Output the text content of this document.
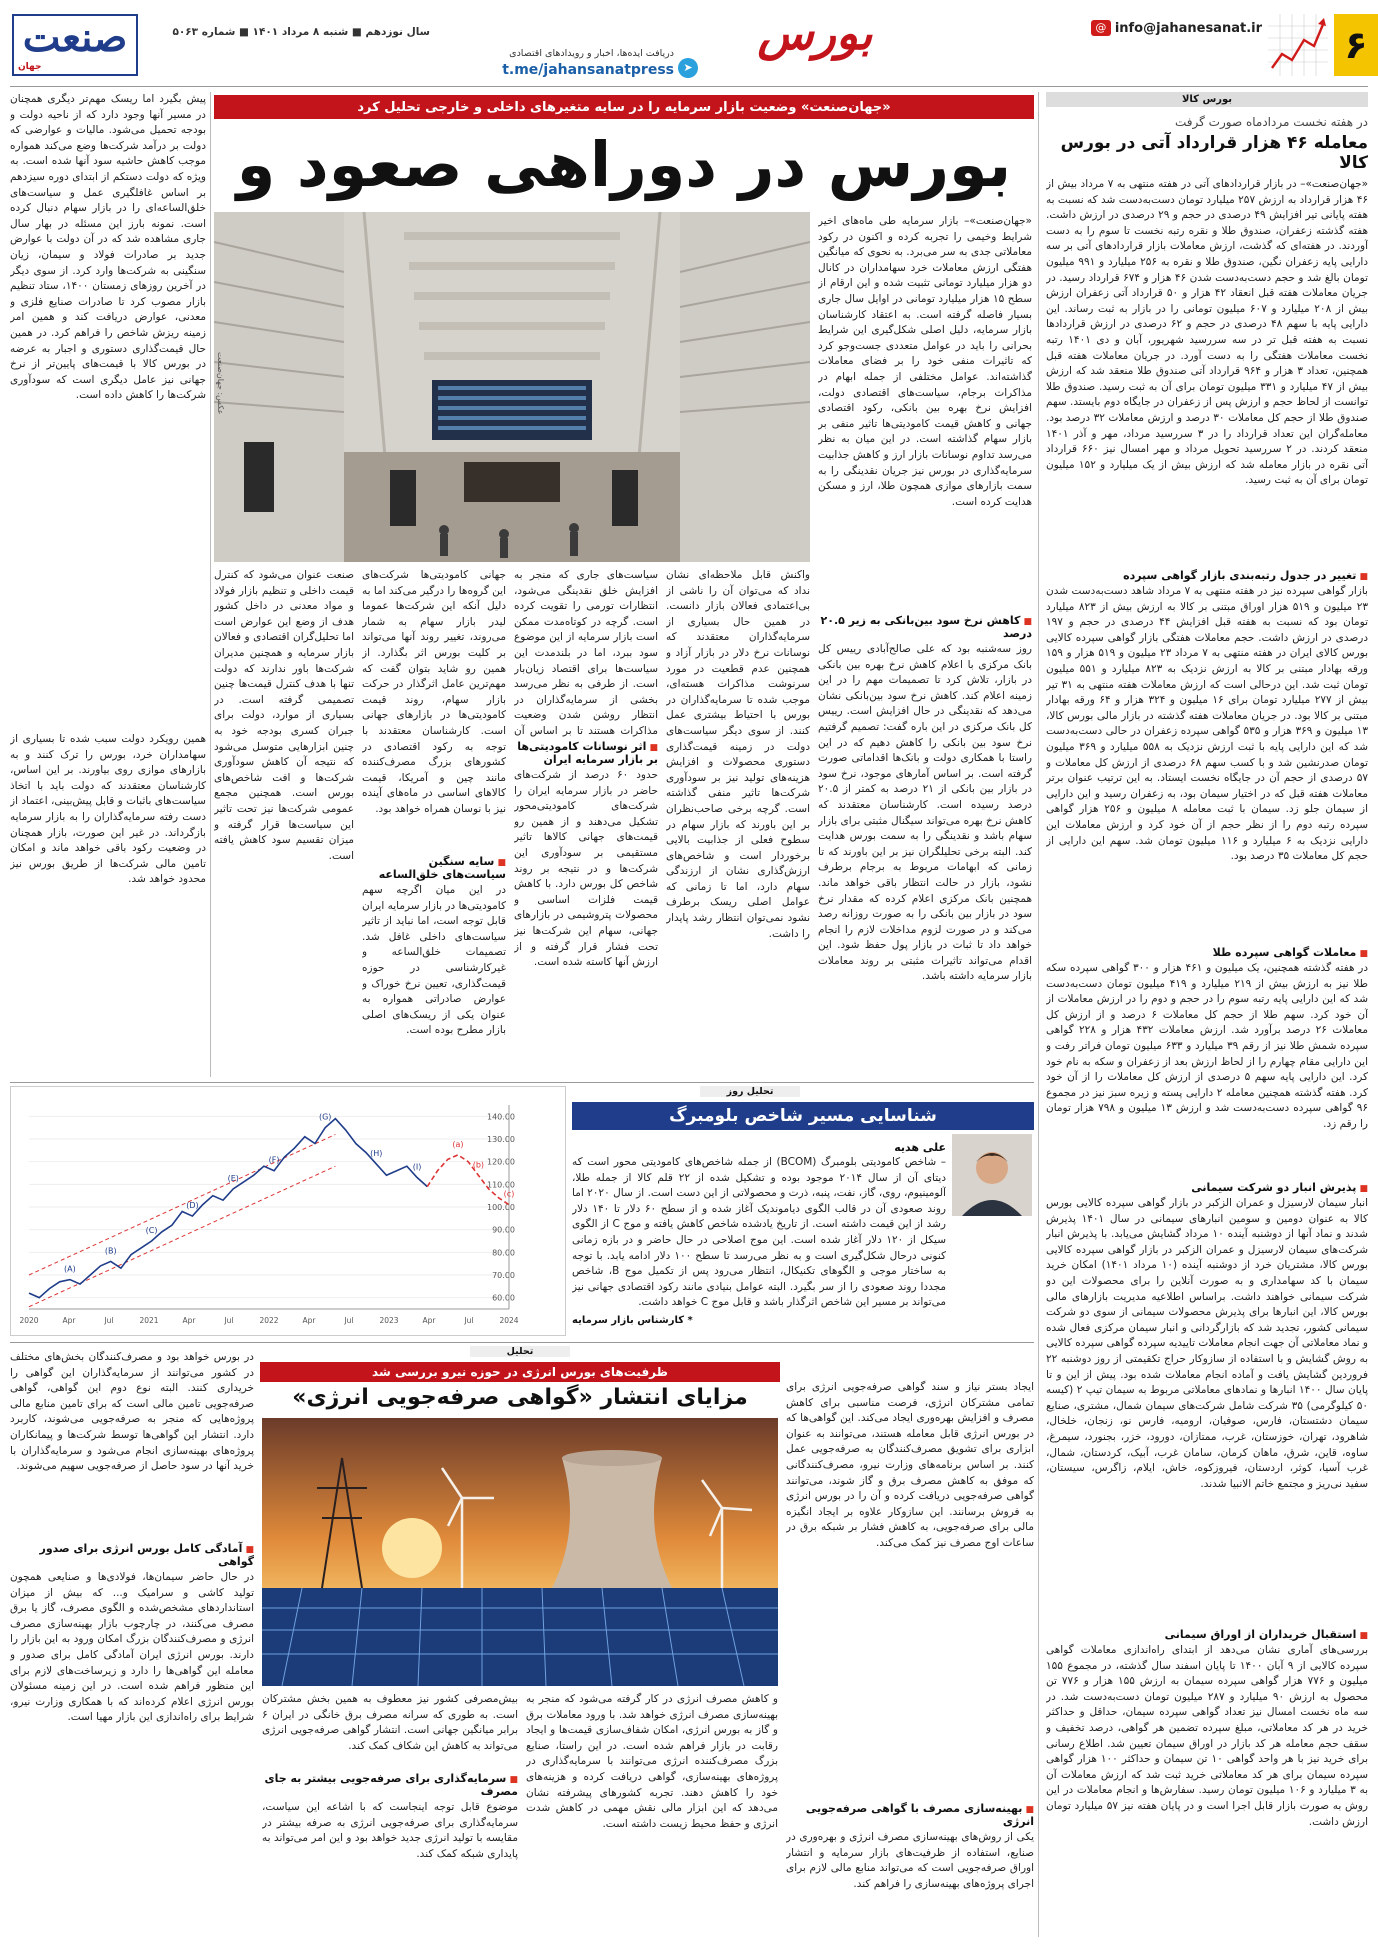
۶
@ info@jahanesanat.ir
بورس
دریافت ایده‌ها، اخبار و رویدادهای اقتصادی
t.me/jahansanatpress ➤
سال نوزدهم ■ شنبه ۸ مرداد ۱۴۰۱ ■ شماره ۵۰۶۳
صنعت
جهان
بورس کالا
در هفته نخست مردادماه صورت گرفت
معامله ۴۶ هزار قرارداد آتی در بورس کالا
«جهان‌صنعت»– در بازار قراردادهای آتی در هفته منتهی به ۷ مرداد بیش از ۴۶ هزار قرارداد به ارزش ۲۵۷ میلیارد تومان دست‌به‌دست شد که نسبت به هفته پایانی تیر افزایش ۴۹ درصدی در حجم و ۲۹ درصدی در ارزش داشت. هفته گذشته زعفران، صندوق طلا و نقره رتبه نخست تا سوم را به دست آوردند. در هفته‌ای که گذشت، ارزش معاملات بازار قراردادهای آتی بر سه دارایی پایه زعفران نگین، صندوق طلا و نقره به ۲۵۶ میلیارد و ۹۹۱ میلیون تومان بالغ شد و حجم دست‌به‌دست شدن ۴۶ هزار و ۶۷۴ قرارداد رسید. در جریان معاملات هفته قبل انعقاد ۴۲ هزار و ۵۰ قرارداد آتی زعفران ارزش بیش از ۲۰۸ میلیارد و ۶۰۷ میلیون تومانی را در بازار به ثبت رساند. این دارایی پایه با سهم ۴۸ درصدی در حجم و ۶۲ درصدی در ارزش قراردادها نسبت به هفته قبل تر در سه سررسید شهریور، آبان و دی ۱۴۰۱ رتبه نخست معاملات هفتگی را به دست آورد. در جریان معاملات هفته قبل همچنین، تعداد ۳ هزار و ۹۶۴ قرارداد آتی صندوق طلا منعقد شد که ارزش بیش از ۴۷ میلیارد و ۳۳۱ میلیون تومان برای آن به ثبت رسید. صندوق طلا توانست از لحاظ حجم و ارزش پس از زعفران در جایگاه دوم بایستد. سهم صندوق طلا از حجم کل معاملات ۳۰ درصد و ارزش معاملات ۳۲ درصد بود. معامله‌گران این تعداد قرارداد را در ۳ سررسید مرداد، مهر و آذر ۱۴۰۱ منعقد کردند. در ۲ سررسید تحویل مرداد و مهر امسال نیز ۶۶۰ قرارداد آتی نقره در بازار معامله شد که ارزش بیش از یک میلیارد و ۱۵۲ میلیون تومان برای آن به ثبت رسید.
■ تغییر در جدول رتبه‌بندی بازار گواهی سپرده
بازار گواهی سپرده نیز در هفته منتهی به ۷ مرداد شاهد دست‌به‌دست شدن ۲۳ میلیون و ۵۱۹ هزار اوراق مبتنی بر کالا به ارزش بیش از ۸۲۳ میلیارد تومان بود که نسبت به هفته قبل افزایش ۴۴ درصدی در حجم و ۱۹۷ درصدی در ارزش داشت. حجم معاملات هفتگی بازار گواهی سپرده کالایی بورس کالای ایران در هفته منتهی به ۷ مرداد ۲۳ میلیون و ۵۱۹ هزار و ۱۵۹ ورقه بهادار مبتنی بر کالا به ارزش نزدیک به ۸۲۳ میلیارد و ۵۵۱ میلیون تومان ثبت شد. این درحالی است که ارزش معاملات هفته منتهی به ۳۱ تیر بیش از ۲۷۷ میلیارد تومان برای ۱۶ میلیون و ۳۲۴ هزار و ۶۴ ورقه بهادار مبتنی بر کالا بود. در جریان معاملات هفته گذشته در بازار مالی بورس کالا، ۱۳ میلیون و ۳۶۹ هزار و ۵۳۵ گواهی سپرده زعفران در حالی دست‌به‌دست شد که این دارایی پایه با ثبت ارزش نزدیک به ۵۵۸ میلیارد و ۳۶۹ میلیون تومان صدرنشین شد و با کسب سهم ۶۸ درصدی از ارزش کل معاملات و ۵۷ درصدی از حجم آن در جایگاه نخست ایستاد. به این ترتیب عنوان برتر معاملات هفته قبل که در اختیار سیمان بود، به زعفران رسید و این دارایی از سیمان جلو زد. سیمان با ثبت معامله ۸ میلیون و ۲۵۶ هزار گواهی سپرده رتبه دوم را از نظر حجم از آن خود کرد و ارزش معاملات این دارایی نزدیک به ۶ میلیارد و ۱۱۶ میلیون تومان شد. سهم این دارایی از حجم کل معاملات ۳۵ درصد بود.
■ معاملات گواهی سپرده طلا
در هفته گذشته همچنین، یک میلیون و ۴۶۱ هزار و ۳۰۰ گواهی سپرده سکه طلا نیز به ارزش بیش از ۲۱۹ میلیارد و ۴۱۹ میلیون تومان دست‌به‌دست شد که این دارایی پایه رتبه سوم را در حجم و دوم را در ارزش معاملات از آن خود کرد. سهم طلا از حجم کل معاملات ۶ درصد و از ارزش کل معاملات ۲۶ درصد برآورد شد. ارزش معاملات ۴۳۲ هزار و ۲۲۸ گواهی سپرده شمش طلا نیز از رقم ۳۹ میلیارد و ۶۳۳ میلیون تومان فراتر رفت و این دارایی مقام چهارم را از لحاظ ارزش بعد از زعفران و سکه به نام خود کرد. این دارایی پایه سهم ۵ درصدی از ارزش کل معاملات را از آن خود کرد. هفته گذشته همچنین معامله ۲ دارایی پسته و زیره سبز نیز در مجموع ۹۶ گواهی سپرده دست‌به‌دست شد و ارزش ۱۳ میلیون و ۷۹۸ هزار تومان را رقم زد.
■ پذیرش انبار دو شرکت سیمانی
انبار سیمان لارسیزل و عمران الزکبر در بازار گواهی سپرده کالایی بورس کالا به عنوان دومین و سومین انبارهای سیمانی در سال ۱۴۰۱ پذیرش شدند و نماد آنها از دوشنبه آینده ۱۰ مرداد گشایش می‌یابد. با پذیرش انبار شرکت‌های سیمان لارسیزل و عمران الزکبر در بازار گواهی سپرده کالایی بورس کالا، مشتریان خرد از دوشنبه آینده (۱۰ مرداد ۱۴۰۱) امکان خرید سیمان با کد سهامداری و به صورت آنلاین را برای محصولات این دو شرکت سیمانی خواهند داشت. براساس اطلاعیه مدیریت بازارهای مالی بورس کالا، این انبارها برای پذیرش محصولات سیمانی از سوی دو شرکت سیمانی کشور، تجدید شد که بازارگردانی و انبار سیمان مرکزی فعال شده و نماد معاملاتی آن جهت انجام معاملات تاییدیه سپرده گواهی سپرده کالایی به روش گشایش و با استفاده از سازوکار حراج تکقیمتی از روز دوشنبه ۲۲ فروردین گشایش یافت و آماده انجام معاملات شده بود. پیش از این و تا پایان سال ۱۴۰۰ انبارها و نمادهای معاملاتی مربوط به سیمان تیپ ۲ (کیسه ۵۰ کیلوگرمی) ۳۵ شرکت شامل شرکت‌های سیمان شمال، مشتری، صنایع سیمان دشتستان، فارس، صوفیان، ارومیه، فارس نو، زنجان، خلخال، شاهرود، تهران، خوزستان، غرب، ممتازان، دورود، خزر، بجنورد، سیمرغ، ساوه، قاین، شرق، ماهان کرمان، سامان غرب، آبیک، کردستان، شمال، غرب آسیا، کوثر، اردستان، فیروزکوه، خاش، ایلام، زاگرس، سیستان، سفید نی‌ریز و مجتمع خاتم الانبیا شدند.
■ استقبال خریداران از اوراق سیمانی
بررسی‌های آماری نشان می‌دهد از ابتدای راه‌اندازی معاملات گواهی سپرده کالایی از ۹ آبان ۱۴۰۰ تا پایان اسفند سال گذشته، در مجموع ۱۵۵ میلیون و ۷۷۶ هزار گواهی سپرده سیمان به ارزش ۱۵۵ هزار و ۷۷۶ تن محصول به ارزش ۹۰ میلیارد و ۲۸۷ میلیون تومان دست‌به‌دست شد. در سه ماه نخست امسال نیز تعداد گواهی سپرده سیمان، حداقل و حداکثر خرید در هر کد معاملاتی، مبلغ سپرده تضمین هر گواهی، درصد تخفیف و سقف حجم معامله هر کد بازار در اوراق سیمان تعیین شد. اطلاع رسانی برای خرید نیز با هر واحد گواهی ۱۰ تن سیمان و حداکثر ۱۰۰ هزار گواهی سپرده سیمان برای هر کد معاملاتی خرید ثبت شد که ارزش معاملات آن به ۳ میلیارد و ۱۰۶ میلیون تومان رسید. سفارش‌ها و انجام معاملات در این روش به صورت بازار قابل اجرا است و در پایان هفته نیز ۵۷ میلیارد تومان ارزش داشت.
«جهان‌صنعت» وضعیت بازار سرمایه را در سایه متغیرهای داخلی و خارجی تحلیل کرد
بورس در دوراهی صعود و
«جهان‌صنعت»– بازار سرمایه طی ماه‌های اخیر شرایط وخیمی را تجربه کرده و اکنون در رکود معاملاتی جدی به سر می‌برد. به نحوی که میانگین هفتگی ارزش معاملات خرد سهامداران در کانال دو هزار میلیارد تومانی تثبیت شده و این ارقام از سطح ۱۵ هزار میلیارد تومانی در اوایل سال جاری بسیار فاصله گرفته است. به اعتقاد کارشناسان بازار سرمایه، دلیل اصلی شکل‌گیری این شرایط بحرانی را باید در عوامل متعددی جست‌وجو کرد که تاثیرات منفی خود را بر فضای معاملات گذاشته‌اند. عوامل مختلفی از جمله ابهام در مذاکرات برجام، سیاست‌های اقتصادی دولت، افزایش نرخ بهره بین بانکی، رکود اقتصادی جهانی و کاهش قیمت کامودیتی‌ها تاثیر منفی بر بازار سهام گذاشته است. در این میان به نظر می‌رسد تداوم نوسانات بازار ارز و کاهش جذابیت سرمایه‌گذاری در بورس نیز جریان نقدینگی را به سمت بازارهای موازی همچون طلا، ارز و مسکن هدایت کرده است.
عکس: جهان‌صنعت
■ کاهش نرخ سود بین‌بانکی به زیر ۲۰.۵ درصد
روز سه‌شنبه بود که علی صالح‌آبادی رییس کل بانک مرکزی با اعلام کاهش نرخ بهره بین بانکی در بازار، تلاش کرد تا تصمیمات مهم را در این زمینه اعلام کند. کاهش نرخ سود بین‌بانکی نشان می‌دهد که نقدینگی در حال افزایش است. رییس کل بانک مرکزی در این باره گفت: تصمیم گرفتیم نرخ سود بین بانکی را کاهش دهیم که در این راستا با همکاری دولت و بانک‌ها اقداماتی صورت گرفته است. بر اساس آمارهای موجود، نرخ سود در بازار بین بانکی از ۲۱ درصد به کمتر از ۲۰.۵ درصد رسیده است. کارشناسان معتقدند که کاهش نرخ بهره می‌تواند سیگنال مثبتی برای بازار سهام باشد و نقدینگی را به سمت بورس هدایت کند. البته برخی تحلیلگران نیز بر این باورند که تا زمانی که ابهامات مربوط به برجام برطرف نشود، بازار در حالت انتظار باقی خواهد ماند. همچنین بانک مرکزی اعلام کرده که مقدار نرخ سود در بازار بین بانکی را به صورت روزانه رصد می‌کند و در صورت لزوم مداخلات لازم را انجام خواهد داد تا ثبات در بازار پول حفظ شود. این اقدام می‌تواند تاثیرات مثبتی بر روند معاملات بازار سرمایه داشته باشد.
واکنش قابل ملاحظه‌ای نشان نداد که می‌توان آن را ناشی از بی‌اعتمادی فعالان بازار دانست. در همین حال بسیاری از سرمایه‌گذاران معتقدند که نوسانات نرخ دلار در بازار آزاد و همچنین عدم قطعیت در مورد سرنوشت مذاکرات هسته‌ای، موجب شده تا سرمایه‌گذاران در بورس با احتیاط بیشتری عمل کنند. از سوی دیگر سیاست‌های دولت در زمینه قیمت‌گذاری دستوری محصولات و افزایش هزینه‌های تولید نیز بر سودآوری شرکت‌ها تاثیر منفی گذاشته است. گرچه برخی صاحب‌نظران بر این باورند که بازار سهام در سطوح فعلی از جذابیت بالایی برخوردار است و شاخص‌های ارزش‌گذاری نشان از ارزندگی سهام دارد، اما تا زمانی که عوامل اصلی ریسک برطرف نشود نمی‌توان انتظار رشد پایدار را داشت.
سیاست‌های جاری که منجر به افزایش خلق نقدینگی می‌شود، انتظارات تورمی را تقویت کرده است. گرچه در کوتاه‌مدت ممکن است بازار سرمایه از این موضوع سود ببرد، اما در بلندمدت این سیاست‌ها برای اقتصاد زیان‌بار است. از طرفی به نظر می‌رسد بخشی از سرمایه‌گذاران در انتظار روشن شدن وضعیت مذاکرات هستند تا بر اساس آن
■ اثر نوسانات کامودیتی‌ها بر بازار سرمایه ایران
حدود ۶۰ درصد از شرکت‌های حاضر در بازار سرمایه ایران را شرکت‌های کامودیتی‌محور تشکیل می‌دهند و از همین رو قیمت‌های جهانی کالاها تاثیر مستقیمی بر سودآوری این شرکت‌ها و در نتیجه بر روند شاخص کل بورس دارد. با کاهش قیمت فلزات اساسی و محصولات پتروشیمی در بازارهای جهانی، سهام این شرکت‌ها نیز تحت فشار قرار گرفته و از ارزش آنها کاسته شده است.
جهانی کامودیتی‌ها شرکت‌های این گروه‌ها را درگیر می‌کند اما به دلیل آنکه این شرکت‌ها عموما لیدر بازار سهام به شمار می‌روند، تغییر روند آنها می‌تواند بر کلیت بورس اثر بگذارد. از همین رو شاید بتوان گفت که مهم‌ترین عامل اثرگذار در حرکت بازار سهام، روند قیمت کامودیتی‌ها در بازارهای جهانی است. کارشناسان معتقدند با توجه به رکود اقتصادی در کشورهای بزرگ مصرف‌کننده مانند چین و آمریکا، قیمت کالاهای اساسی در ماه‌های آینده نیز با نوسان همراه خواهد بود.
■ سایه سنگین سیاست‌های خلق‌الساعه
در این میان اگرچه سهم کامودیتی‌ها در بازار سرمایه ایران قابل توجه است، اما نباید از تاثیر سیاست‌های داخلی غافل شد. تصمیمات خلق‌الساعه و غیرکارشناسی در حوزه قیمت‌گذاری، تعیین نرخ خوراک و عوارض صادراتی همواره به عنوان یکی از ریسک‌های اصلی بازار مطرح بوده است.
صنعت عنوان می‌شود که کنترل قیمت داخلی و تنظیم بازار فولاد و مواد معدنی در داخل کشور هدف از وضع این عوارض است اما تحلیل‌گران اقتصادی و فعالان بازار سرمایه و همچنین مدیران شرکت‌ها باور ندارند که دولت تنها با هدف کنترل قیمت‌ها چنین تصمیمی گرفته است. در بسیاری از موارد، دولت برای جبران کسری بودجه خود به چنین ابزارهایی متوسل می‌شود که نتیجه آن کاهش سودآوری شرکت‌ها و افت شاخص‌های بورس است. همچنین مجمع عمومی شرکت‌ها نیز تحت تاثیر این سیاست‌ها قرار گرفته و میزان تقسیم سود کاهش یافته است.
پیش بگیرد اما ریسک مهم‌تر دیگری همچنان در مسیر آنها وجود دارد که از ناحیه دولت و بودجه تحمیل می‌شود. مالیات و عوارضی که دولت بر درآمد شرکت‌ها وضع می‌کند همواره موجب کاهش حاشیه سود آنها شده است. به ویژه که دولت دستکم از ابتدای دوره سیزدهم بر اساس غافلگیری عمل و سیاست‌های خلق‌الساعه‌ای را در بازار سهام دنبال کرده است. نمونه بارز این مسئله در بهار سال جاری مشاهده شد که در آن دولت با عوارض جدید بر صادرات فولاد و سیمان، زیان سنگینی به شرکت‌ها وارد کرد. از سوی دیگر در آخرین روزهای زمستان ۱۴۰۰، ستاد تنظیم بازار مصوب کرد تا صادرات صنایع فلزی و معدنی، عوارض دریافت کند و همین امر زمینه ریزش شاخص را فراهم کرد. در همین حال قیمت‌گذاری دستوری و اجبار به عرضه در بورس کالا با قیمت‌های پایین‌تر از نرخ جهانی نیز عامل دیگری است که سودآوری شرکت‌ها را کاهش داده است.
همین رویکرد دولت سبب شده تا بسیاری از سهامداران خرد، بورس را ترک کنند و به بازارهای موازی روی بیاورند. بر این اساس، کارشناسان معتقدند که دولت باید با اتخاذ سیاست‌های باثبات و قابل پیش‌بینی، اعتماد از دست رفته سرمایه‌گذاران را به بازار سرمایه بازگرداند. در غیر این صورت، بازار همچنان در وضعیت رکود باقی خواهد ماند و امکان تامین مالی شرکت‌ها از طریق بورس نیز محدود خواهد شد.
تحلیل روز
شناسایی مسیر شاخص بلومبرگ
علی هدیه
– شاخص کامودیتی بلومبرگ (BCOM) از جمله شاخص‌های کامودیتی محور است که دیتای آن از سال ۲۰۱۴ موجود بوده و تشکیل شده از ۲۲ قلم کالا از جمله طلا، آلومینیوم، روی، گاز، نفت، پنبه، ذرت و محصولاتی از این دست است. از سال ۲۰۲۰ اما روند صعودی آن در قالب الگوی دیاموندیک آغاز شده و از سطح ۶۰ دلار تا ۱۴۰ دلار رشد از این قیمت داشته است. از تاریخ یادشده شاخص کاهش یافته و موج C از الگوی سیکل از ۱۲۰ دلار آغاز شده است. این موج اصلاحی در حال حاضر و در بازه زمانی کنونی درحال شکل‌گیری است و به نظر می‌رسد تا سطح ۱۰۰ دلار ادامه یابد. با توجه به ساختار موجی و الگوهای تکنیکال، انتظار می‌رود پس از تکمیل موج B، شاخص مجددا روند صعودی را از سر بگیرد. البته عوامل بنیادی مانند رکود اقتصادی جهانی نیز می‌تواند بر مسیر این شاخص اثرگذار باشد و قابل موج C خواهد داشت.
* کارشناس بازار سرمایه
140.00
130.00
120.00
110.00
100.00
90.00
80.00
70.00
60.00
2020	Apr	Jul	2021	Apr	Jul	2022	Apr	Jul	2023	Apr	Jul	2024
(A)
(B)
(C)
(D)
(E)
(F)
(G)
(H)
(I)
(a)
(b)
(c)
تحلیل
ظرفیت‌های بورس انرژی در حوزه نیرو بررسی شد
مزایای انتشار «گواهی صرفه‌جویی انرژی»	ایجاد بستر نیاز و سند گواهی صرفه‌جویی انرژی برای تمامی مشترکان انرژی، فرصت مناسبی برای کاهش مصرف و افزایش بهره‌وری ایجاد می‌کند. این گواهی‌ها که در بورس انرژی قابل معامله هستند، می‌توانند به عنوان ابزاری برای تشویق مصرف‌کنندگان به صرفه‌جویی عمل کنند. بر اساس برنامه‌های وزارت نیرو، مصرف‌کنندگانی که موفق به کاهش مصرف برق و گاز شوند، می‌توانند گواهی صرفه‌جویی دریافت کرده و آن را در بورس انرژی به فروش برسانند. این سازوکار علاوه بر ایجاد انگیزه مالی برای صرفه‌جویی، به کاهش فشار بر شبکه برق در ساعات اوج مصرف نیز کمک می‌کند.
■ بهینه‌سازی مصرف با گواهی صرفه‌جویی انرژی
یکی از روش‌های بهینه‌سازی مصرف انرژی و بهره‌وری در صنایع، استفاده از ظرفیت‌های بازار سرمایه و انتشار اوراق صرفه‌جویی است که می‌تواند منابع مالی لازم برای اجرای پروژه‌های بهینه‌سازی را فراهم کند.
و کاهش مصرف انرژی در کار گرفته می‌شود که منجر به بهینه‌سازی مصرف انرژی خواهد شد. با ورود معاملات برق و گاز به بورس انرژی، امکان شفاف‌سازی قیمت‌ها و ایجاد رقابت در بازار فراهم شده است. در این راستا، صنایع بزرگ مصرف‌کننده انرژی می‌توانند با سرمایه‌گذاری در پروژه‌های بهینه‌سازی، گواهی دریافت کرده و هزینه‌های خود را کاهش دهند. تجربه کشورهای پیشرفته نشان می‌دهد که این ابزار مالی نقش مهمی در کاهش شدت انرژی و حفظ محیط زیست داشته است.
بیش‌مصرفی کشور نیز معطوف به همین بخش مشترکان است. به طوری که سرانه مصرف برق خانگی در ایران ۶ برابر میانگین جهانی است. انتشار گواهی صرفه‌جویی انرژی می‌تواند به کاهش این شکاف کمک کند.
■ سرمایه‌گذاری برای صرفه‌جویی بیشتر به جای مصرف
موضوع قابل توجه اینجاست که با اشاعه این سیاست، سرمایه‌گذاری برای صرفه‌جویی انرژی به صرفه بیشتر در مقایسه با تولید انرژی جدید خواهد بود و این امر می‌تواند به پایداری شبکه کمک کند.
در بورس خواهد بود و مصرف‌کنندگان بخش‌های مختلف در کشور می‌توانند از سرمایه‌گذاران این گواهی را خریداری کنند. البته نوع دوم این گواهی، گواهی صرفه‌جویی تامین مالی است که برای تامین منابع مالی پروژه‌هایی که منجر به صرفه‌جویی می‌شوند، کاربرد دارد. انتشار این گواهی‌ها توسط شرکت‌ها و پیمانکاران پروژه‌های بهینه‌سازی انجام می‌شود و سرمایه‌گذاران با خرید آنها در سود حاصل از صرفه‌جویی سهیم می‌شوند.
■ آمادگی کامل بورس انرژی برای صدور گواهی
در حال حاضر سیمان‌ها، فولادی‌ها و صنایعی همچون تولید کاشی و سرامیک و... که بیش از میزان استانداردهای مشخص‌شده و الگوی مصرف، گاز یا برق مصرف می‌کنند، در چارچوب بازار بهینه‌سازی مصرف انرژی و مصرف‌کنندگان بزرگ امکان ورود به این بازار را دارند. بورس انرژی ایران آمادگی کامل برای صدور و معامله این گواهی‌ها را دارد و زیرساخت‌های لازم برای این منظور فراهم شده است. در این زمینه مسئولان بورس انرژی اعلام کرده‌اند که با همکاری وزارت نیرو، شرایط برای راه‌اندازی این بازار مهیا است.
